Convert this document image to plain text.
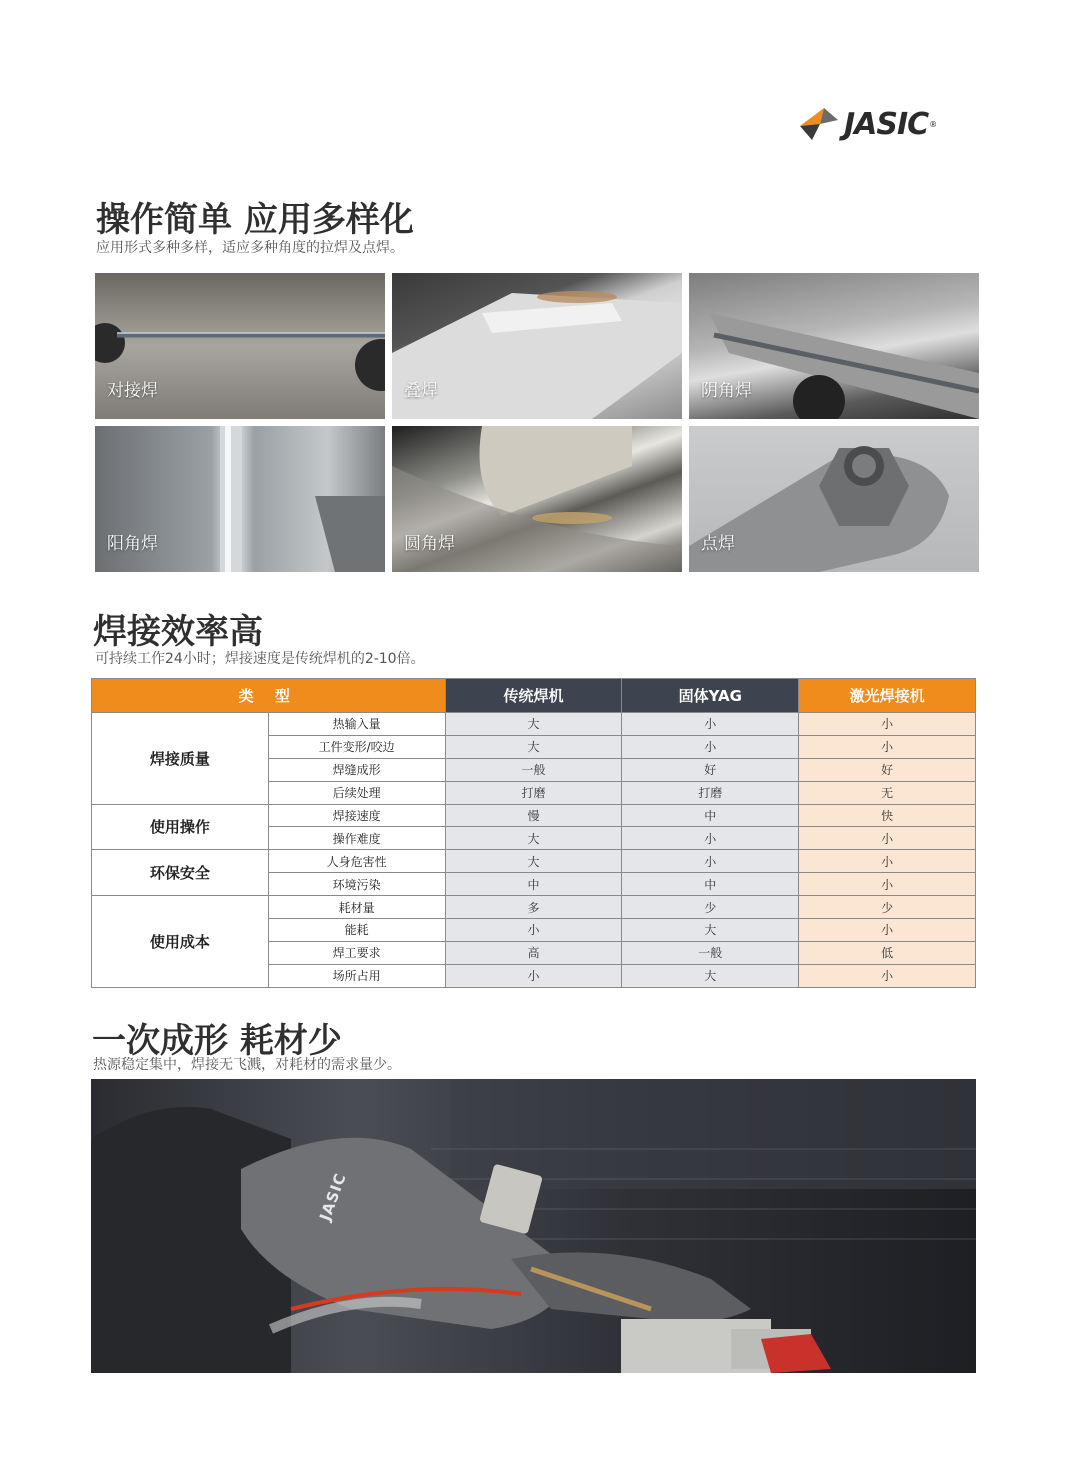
JASIC ®
操作简单 应用多样化
应用形式多种多样，适应多种角度的拉焊及点焊。
对接焊	叠焊	阴角焊
阳角焊	圆角焊	点焊
焊接效率高
可持续工作24小时；焊接速度是传统焊机的2-10倍。
类 型		传统焊机	固体YAG	激光焊接机
焊接质量	热输入量	大	小	小
	工件变形/咬边	大	小	小
	焊缝成形	一般	好	好
	后续处理	打磨	打磨	无
使用操作	焊接速度	慢	中	快
	操作难度	大	小	小
环保安全	人身危害性	大	小	小
	环境污染	中	中	小
使用成本	耗材量	多	少	少
	能耗	小	大	小
	焊工要求	高	一般	低
	场所占用	小	大	小
一次成形 耗材少
热源稳定集中，焊接无飞溅，对耗材的需求量少。
JASIC
